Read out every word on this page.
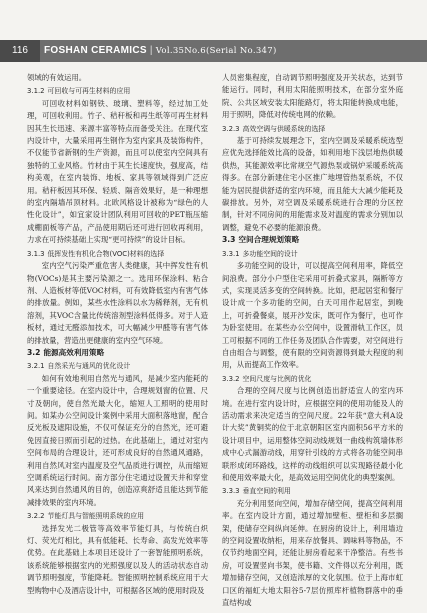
116	FOSHAN CERAMICS | Vol.35No.6(Serial No.347)

领域的有效运用。

3.1.2 可回收与可再生材料的应用

可回收材料如钢铁、玻璃、塑料等，经过加工处理，可回收利用。竹子、秸秆板和再生纸等可再生材料因其生长迅速、来源丰富等特点而备受关注。在现代室内设计中，大量采用再生钢作为室内家具及装饰构件，不仅能节省新钢的生产资源，而且可以使室内空间具有独特的工业风格。竹材由于其生长速度快，强度高，结构美观，在室内装饰、地板、家具等领域得到广泛应用。秸秆板因其环保、轻质、隔音效果好，是一种理想的室内隔墙吊顶材料。北欧风格设计被称为“绿色的人性化设计”，如宜家设计团队利用可回收的PET瓶压缩成棚面板等产品，产品使用期后还可进行回收再利用，力求在可持续基础上实现“更可持续”的设计目标。

3.1.3 低挥发性有机化合物(VOC)材料的选择

室内空气污染严重危害人类健康，其中挥发性有机物(VOCs)是其主要污染源之一。选用环保涂料、粘合剂、人造板材等低VOC材料，可有效降低室内有害气体的排放量。例如，某些水性涂料以水为稀释剂，无有机溶剂，其VOC含量比传统溶剂型涂料低得多。对于人造板材，通过无醛添加技术，可大幅减少甲醛等有害气体的排放量，营造出更健康的室内空气环境。

3.2 能源高效利用策略
3.2.1 自然采光与通风的优化设计

如何有效地利用自然光与通风，是减少室内能耗的一个重要途径。在室内设计中，合理规划窗的位置、尺寸及朝向，使自然光最大化，缩短人工照明的使用时间。如某办公空间设计案例中采用大面积落地窗，配合反光板及遮阳设施，不仅可保证充分的自然光，还可避免因直接日照而引起的过热。在此基础上，通过对室内空间布局的合理设计，还可形成良好的自然通风通路，利用自然风对室内温度及空气品质进行调控，从而缩短空调系统运行时间。南方部分住宅通过设置天井和穿堂风来达到自然通风的目的，创造凉爽舒适且能达到节能减排效果的室内环境。

3.2.2 节能灯具与智能照明系统的应用

选择发光二极管等高效率节能灯具，与传统白炽灯、荧光灯相比，具有低能耗、长寿命、高发光效率等优势。在此基础上本项目还设计了一套智能照明系统，该系统能够根据室内的光照强度以及人的活动状态自动调节照明强度，节能降耗。智能照明控制系统应用于大型购物中心及酒店设计中，可根据各区域的使用时段及

人员密集程度，自动调节照明强度及开关状态，达到节能运行。同时，利用太阳能照明技术，在部分室外庭院、公共区域安装太阳能路灯，将太阳能转换成电能，用于照明，降低对传统电网的依赖。

3.2.3 高效空调与供暖系统的选择

基于可持续发展理念下，室内空调及采暖系统选型应优先选择能效比高的设备，如利用地下浅层地热供暖供热，其能源效率比常规空气源热泵或锅炉采暖系统高得多。在部分新建住宅小区推广地埋管热泵系统，不仅能为居民提供舒适的室内环境，而且能大大减少能耗及碳排放。另外，对空调及采暖系统进行合理的分区控制，针对不同房间的用能需求及对温度的需求分别加以调整，避免不必要的能源浪费。

3.3 空间合理规划策略
3.3.1 多功能空间的设计

多功能空间的设计，可以提高空间利用率，降低空间浪费。部分小户型住宅采用可折叠式家具，隔断等方式，实现灵活多变的空间转换。比如，把起居室和餐厅设计成一个多功能的空间，白天可用作起居室，到晚上，可折叠餐桌，展开沙发床，既可作为餐厅，也可作为卧室使用。在某些办公空间中，设置滑轨工作区，员工可根据不同的工作任务及团队合作需要，对空间进行自由组合与调整，使有限的空间资源得到最大程度的利用，从而提高工作效率。

3.3.2 空间尺度与比例的优化

合理的空间尺度与比例创造出舒适宜人的室内环境。在进行室内设计时，应根据空间的使用功能及人的活动需求来决定适当的空间尺度。22年获“意大利A设计大奖”黄铜奖的位于北京朝阳区室内面积56平方米的设计项目中，运用整体空间动线规划一曲线构筑墙体形成中心式漏游动线，用穿针引线的方式将各功能空间串联形成闭环路线，这样的动线组织可以实现路径最小化和使用效率最大化，是高效运用空间优化的典型案例。

3.3.3 垂直空间的利用

充分利用竖向空间，增加存储空间，提高空间利用率。在室内设计方面，通过增加壁柜、壁柜和多层搁架，使储存空间纵向延伸。在厨房的设计上，利用墙边的空间设置收纳柜，用来存放餐具、调味料等物品，不仅节约地面空间，还能让厨房看起来干净整洁。有些书房，可设置竖向书架，使书籍、文件得以充分利用，既增加储存空间，又创造浓厚的文化氛围。位于上海市虹口区的福虹大地太阳谷5-7层仿照库杆植物群落中的垂直结构或
